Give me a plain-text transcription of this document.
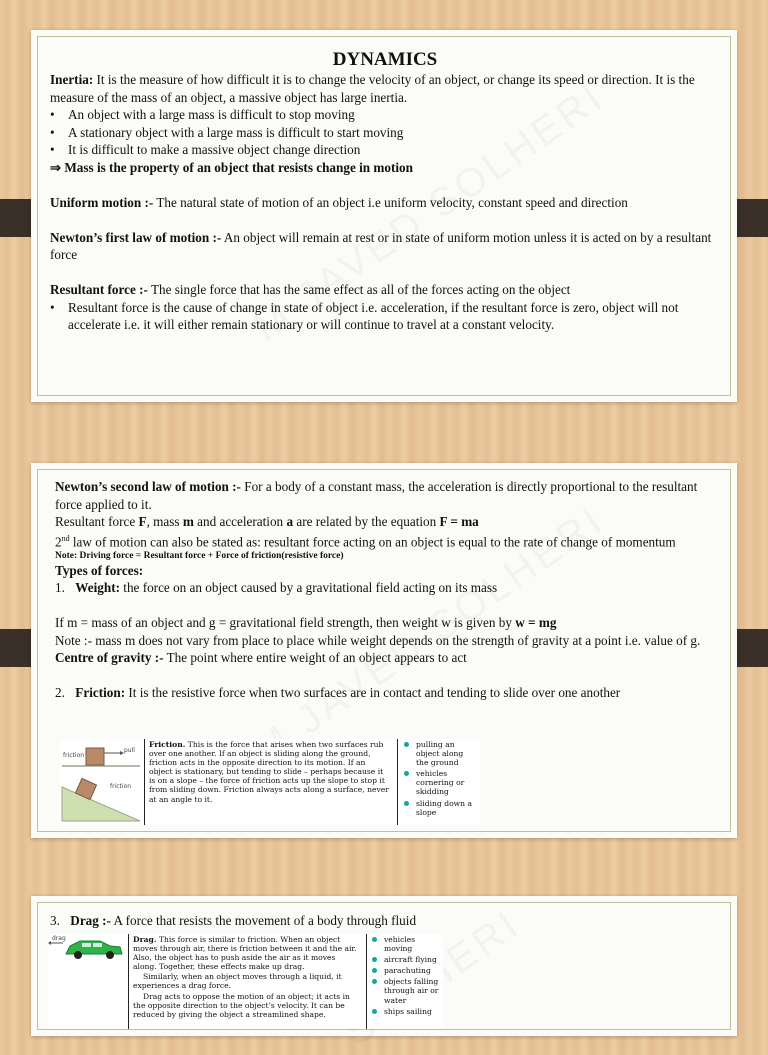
DYNAMICS

Inertia: It is the measure of how difficult it is to change the velocity of an object, or change its speed or direction. It is the measure of the mass of an object, a massive object has large inertia.

• An object with a large mass is difficult to stop moving

• A stationary object with a large mass is difficult to start moving

• It is difficult to make a massive object change direction

⇒ Mass is the property of an object that resists change in motion

Uniform motion :- The natural state of motion of an object i.e uniform velocity, constant speed and direction

Newton’s first law of motion :- An object will remain at rest or in state of uniform motion unless it is acted on by a resultant force

Resultant force :- The single force that has the same effect as all of the forces acting on the object

• Resultant force is the cause of change in state of object i.e. acceleration, if the resultant force is zero, object will not accelerate i.e. it will either remain stationary or will continue to travel at a constant velocity.

Newton’s second law of motion :- For a body of a constant mass, the acceleration is directly proportional to the resultant force applied to it.

Resultant force F, mass m and acceleration a are related by the equation F = ma

2nd law of motion can also be stated as: resultant force acting on an object is equal to the rate of change of momentum

Note: Driving force = Resultant force + Force of friction(resistive force)

Types of forces:

1. Weight: the force on an object caused by a gravitational field acting on its mass

If m = mass of an object and g = gravitational field strength, then weight w is given by w = mg

Note :- mass m does not vary from place to place while weight depends on the strength of gravity at a point i.e. value of g.

Centre of gravity :- The point where entire weight of an object appears to act

2. Friction: It is the resistive force when two surfaces are in contact and tending to slide over one another

friction
pull
friction
Friction. This is the force that arises when two surfaces rub over one another. If an object is sliding along the ground, friction acts in the opposite direction to its motion. If an object is stationary, but tending to slide – perhaps because it is on a slope – the force of friction acts up the slope to stop it from sliding down. Friction always acts along a surface, never at an angle to it.
pulling an object along the ground
vehicles cornering or skidding
sliding down a slope

3. Drag :- A force that resists the movement of a body through fluid

drag	Drag. This force is similar to friction. When an object moves through air, there is friction between it and the air. Also, the object has to push aside the air as it moves along. Together, these effects make up drag.
Similarly, when an object moves through a liquid, it experiences a drag force.
Drag acts to oppose the motion of an object; it acts in the opposite direction to the object’s velocity. It can be reduced by giving the object a streamlined shape.
vehicles moving
aircraft flying
parachuting
objects falling through air or water
ships sailing
